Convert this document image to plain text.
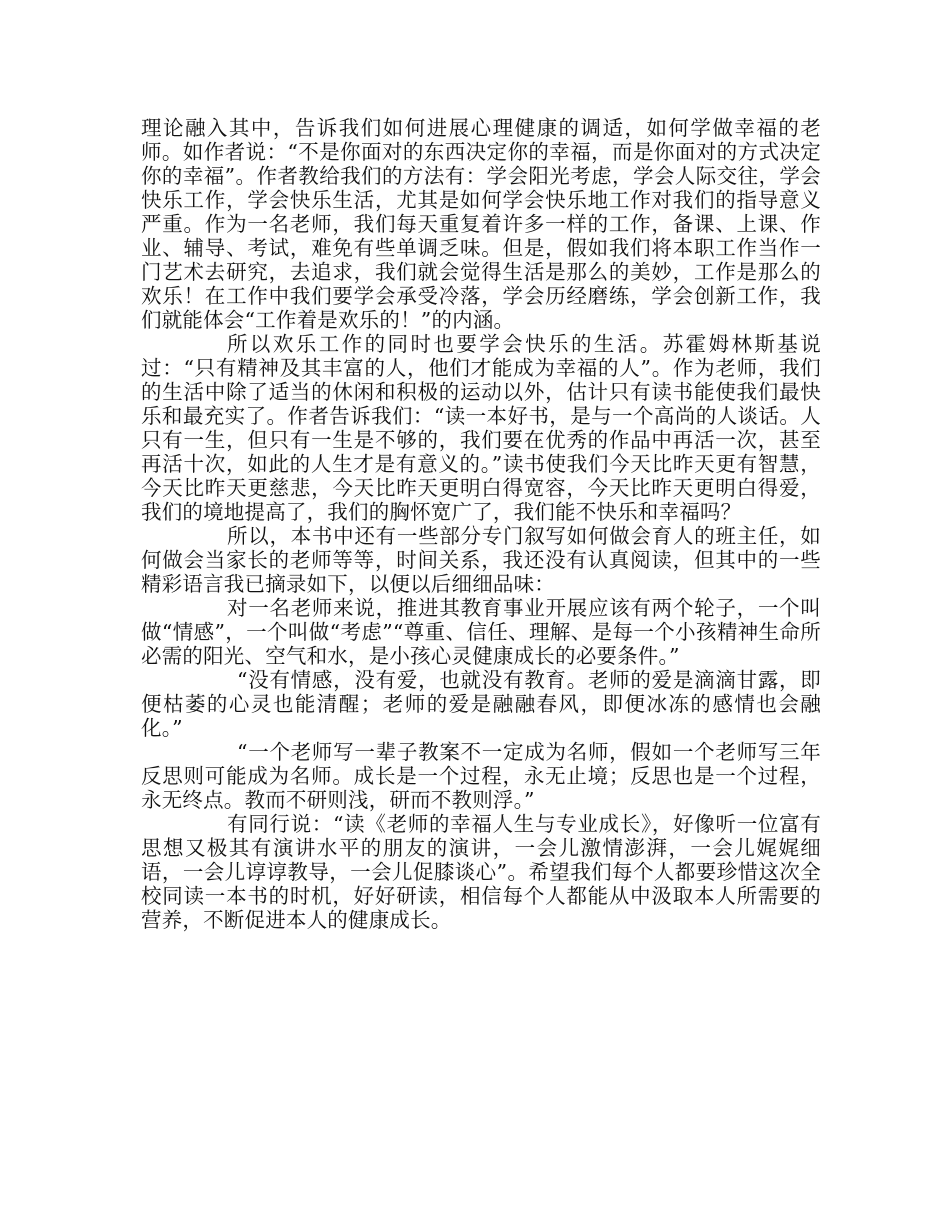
理论融入其中，告诉我们如何进展心理健康的调适，如何学做幸福的老师。如作者说：“不是你面对的东西决定你的幸福，而是你面对的方式决定你的幸福”。作者教给我们的方法有：学会阳光考虑，学会人际交往，学会快乐工作，学会快乐生活，尤其是如何学会快乐地工作对我们的指导意义严重。作为一名老师，我们每天重复着许多一样的工作，备课、上课、作业、辅导、考试，难免有些单调乏味。但是，假如我们将本职工作当作一门艺术去研究，去追求，我们就会觉得生活是那么的美妙，工作是那么的欢乐！在工作中我们要学会承受冷落，学会历经磨练，学会创新工作，我们就能体会“工作着是欢乐的！”的内涵。

所以欢乐工作的同时也要学会快乐的生活。苏霍姆林斯基说过：“只有精神及其丰富的人，他们才能成为幸福的人”。作为老师，我们的生活中除了适当的休闲和积极的运动以外，估计只有读书能使我们最快乐和最充实了。作者告诉我们：“读一本好书，是与一个高尚的人谈话。人只有一生，但只有一生是不够的，我们要在优秀的作品中再活一次，甚至再活十次，如此的人生才是有意义的。”读书使我们今天比昨天更有智慧，今天比昨天更慈悲，今天比昨天更明白得宽容，今天比昨天更明白得爱，我们的境地提高了，我们的胸怀宽广了，我们能不快乐和幸福吗？

所以，本书中还有一些部分专门叙写如何做会育人的班主任，如何做会当家长的老师等等，时间关系，我还没有认真阅读，但其中的一些精彩语言我已摘录如下，以便以后细细品味：

对一名老师来说，推进其教育事业开展应该有两个轮子，一个叫做“情感”，一个叫做“考虑”“尊重、信任、理解、是每一个小孩精神生命所必需的阳光、空气和水，是小孩心灵健康成长的必要条件。”

“没有情感，没有爱，也就没有教育。老师的爱是滴滴甘露，即便枯萎的心灵也能清醒；老师的爱是融融春风，即便冰冻的感情也会融化。”

“一个老师写一辈子教案不一定成为名师，假如一个老师写三年反思则可能成为名师。成长是一个过程，永无止境；反思也是一个过程，永无终点。教而不研则浅，研而不教则浮。”

有同行说：“读《老师的幸福人生与专业成长》，好像听一位富有思想又极其有演讲水平的朋友的演讲，一会儿激情澎湃，一会儿娓娓细语，一会儿谆谆教导，一会儿促膝谈心”。希望我们每个人都要珍惜这次全校同读一本书的时机，好好研读，相信每个人都能从中汲取本人所需要的营养，不断促进本人的健康成长。
